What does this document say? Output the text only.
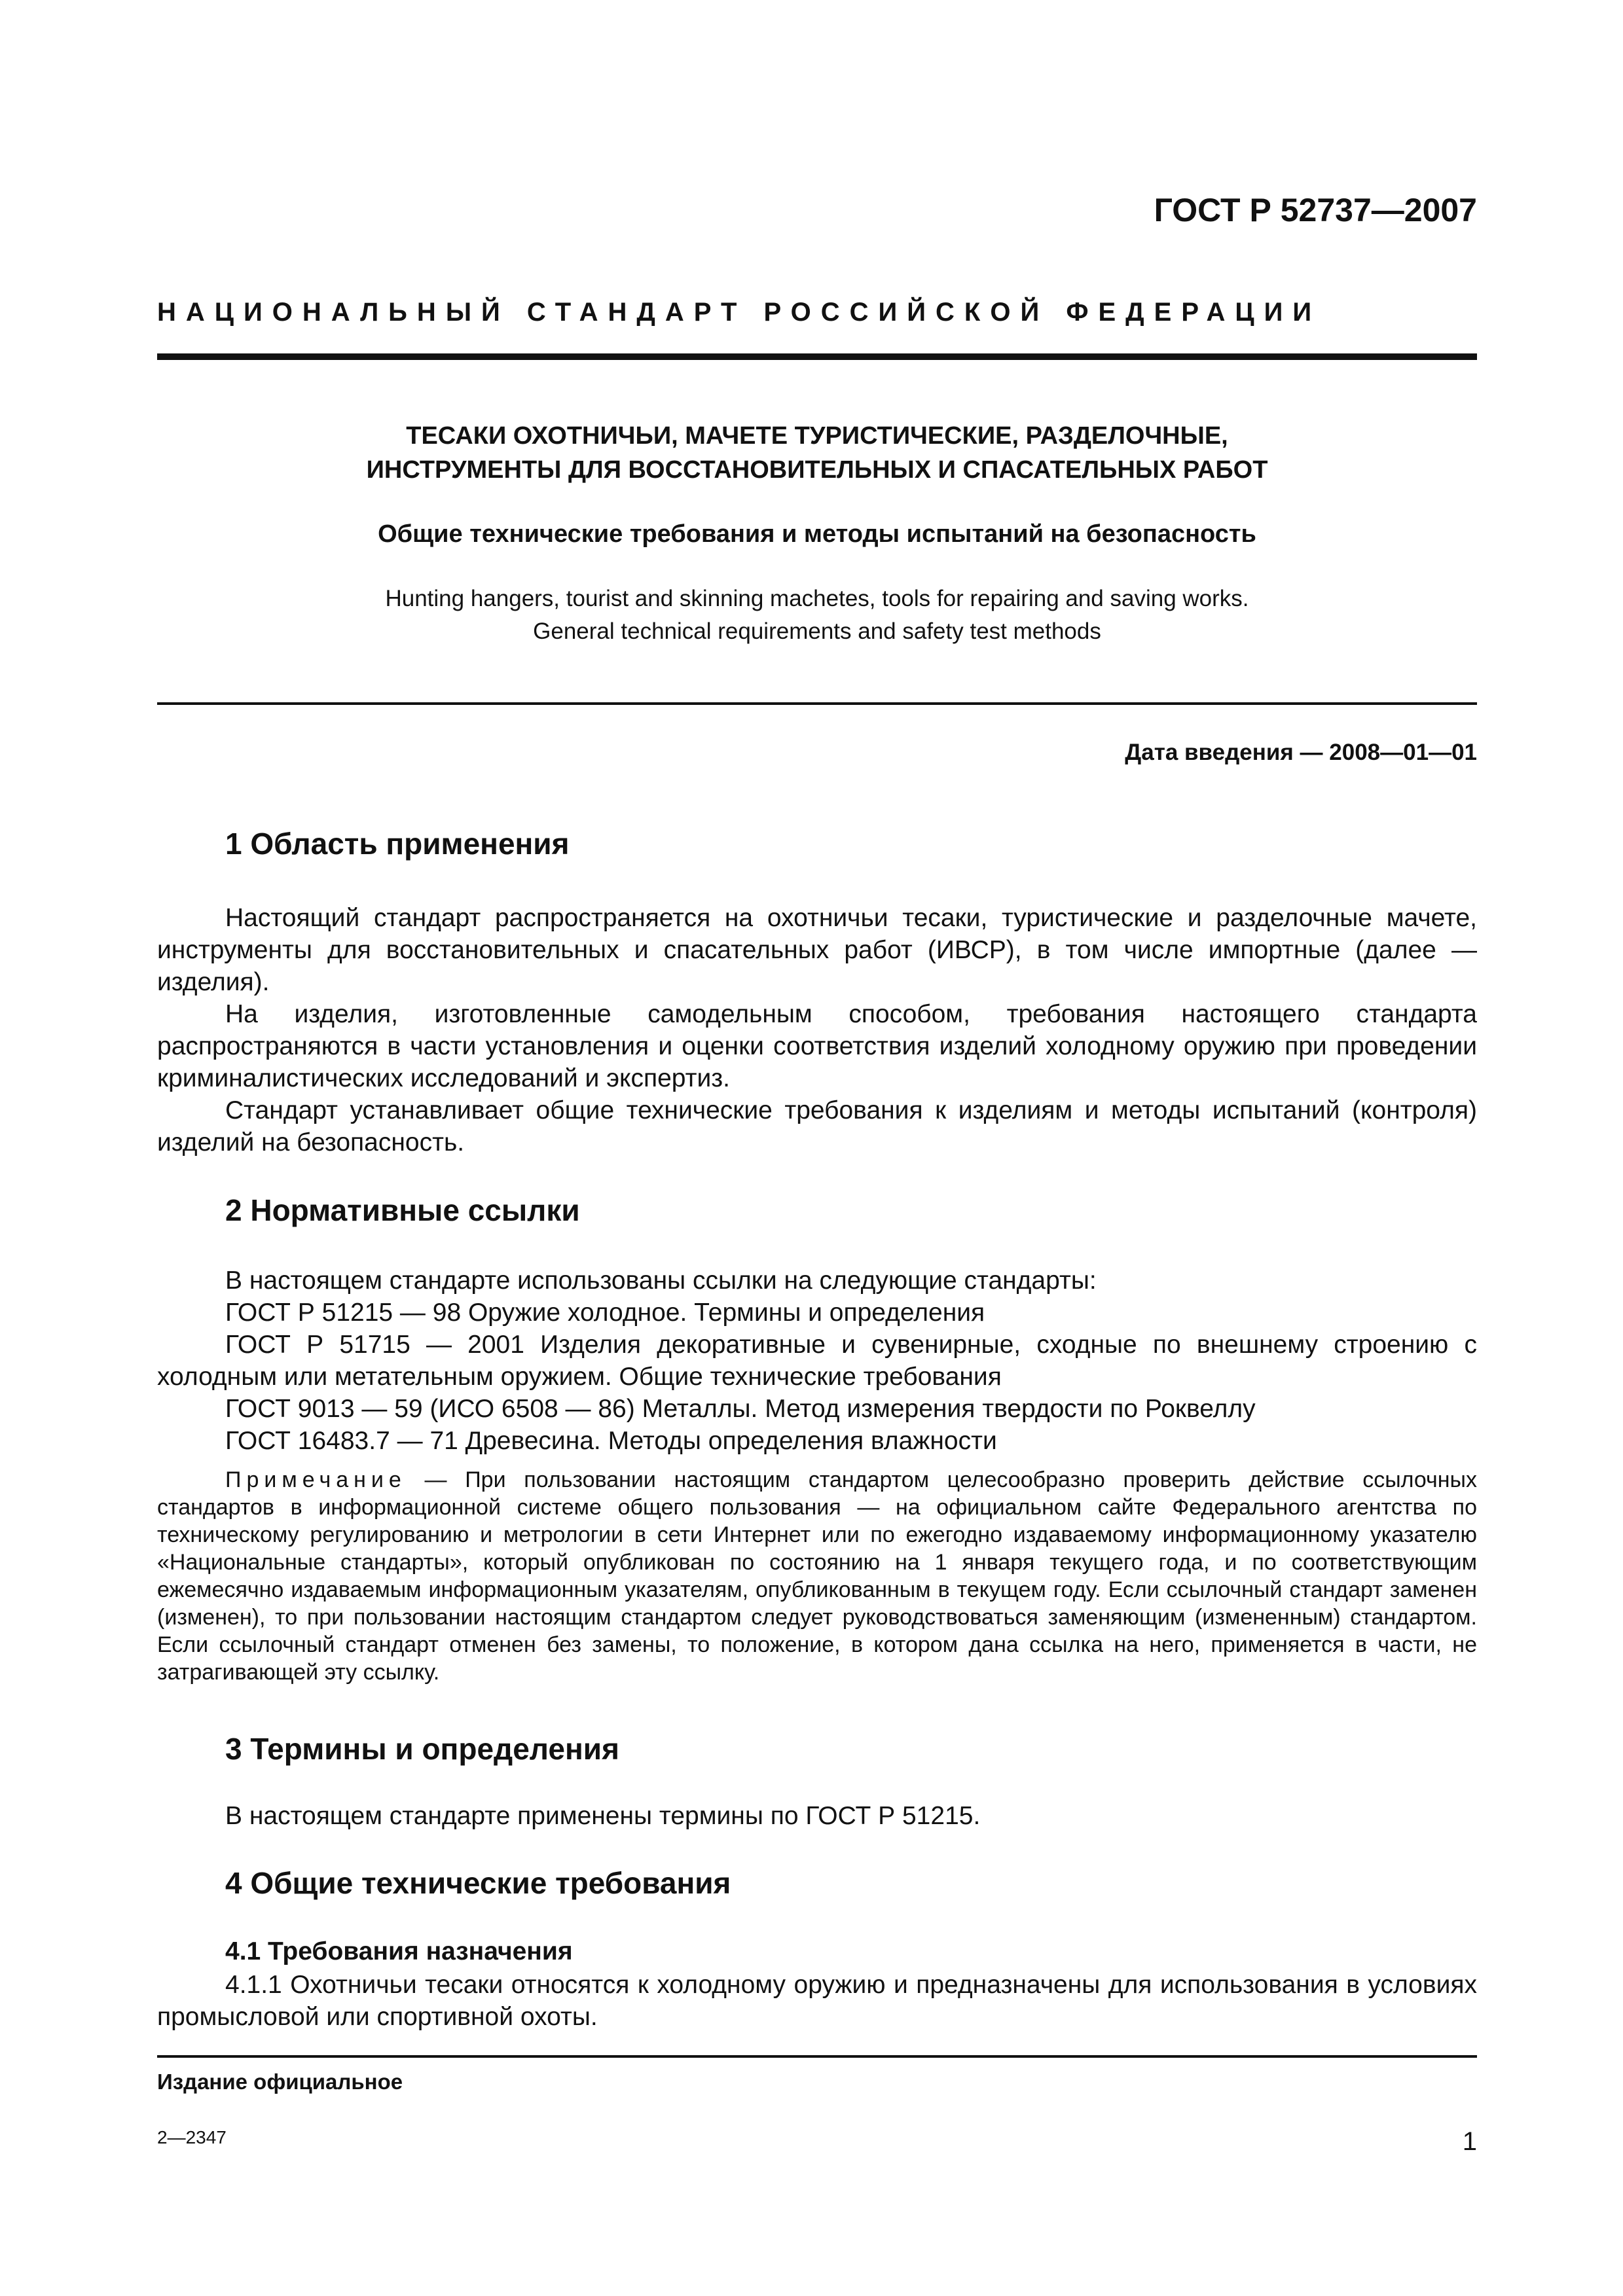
ГОСТ Р 52737—2007
НАЦИОНАЛЬНЫЙ СТАНДАРТ РОССИЙСКОЙ ФЕДЕРАЦИИ
ТЕСАКИ ОХОТНИЧЬИ, МАЧЕТЕ ТУРИСТИЧЕСКИЕ, РАЗДЕЛОЧНЫЕ,
ИНСТРУМЕНТЫ ДЛЯ ВОССТАНОВИТЕЛЬНЫХ И СПАСАТЕЛЬНЫХ РАБОТ
Общие технические требования и методы испытаний на безопасность
Hunting hangers, tourist and skinning machetes, tools for repairing and saving works.
General technical requirements and safety test methods
Дата введения — 2008—01—01
1 Область применения

Настоящий стандарт распространяется на охотничьи тесаки, туристические и разделочные мачете, инструменты для восстановительных и спасательных работ (ИВСР), в том числе импортные (далее — изделия).

На изделия, изготовленные самодельным способом, требования настоящего стандарта распространяются в части установления и оценки соответствия изделий холодному оружию при проведении криминалистических исследований и экспертиз.

Стандарт устанавливает общие технические требования к изделиям и методы испытаний (контроля) изделий на безопасность.

2 Нормативные ссылки

В настоящем стандарте использованы ссылки на следующие стандарты:

ГОСТ Р 51215 — 98 Оружие холодное. Термины и определения

ГОСТ Р 51715 — 2001 Изделия декоративные и сувенирные, сходные по внешнему строению с холодным или метательным оружием. Общие технические требования

ГОСТ 9013 — 59 (ИСО 6508 — 86) Металлы. Метод измерения твердости по Роквеллу

ГОСТ 16483.7 — 71 Древесина. Методы определения влажности

Примечание — При пользовании настоящим стандартом целесообразно проверить действие ссылочных стандартов в информационной системе общего пользования — на официальном сайте Федерального агентства по техническому регулированию и метрологии в сети Интернет или по ежегодно издаваемому информационному указателю «Национальные стандарты», который опубликован по состоянию на 1 января текущего года, и по соответствующим ежемесячно издаваемым информационным указателям, опубликованным в текущем году. Если ссылочный стандарт заменен (изменен), то при пользовании настоящим стандартом следует руководствоваться заменяющим (измененным) стандартом. Если ссылочный стандарт отменен без замены, то положение, в котором дана ссылка на него, применяется в части, не затрагивающей эту ссылку.

3 Термины и определения

В настоящем стандарте применены термины по ГОСТ Р 51215.

4 Общие технические требования
4.1 Требования назначения

4.1.1 Охотничьи тесаки относятся к холодному оружию и предназначены для использования в условиях промысловой или спортивной охоты.

Издание официальное
2—2347	1
